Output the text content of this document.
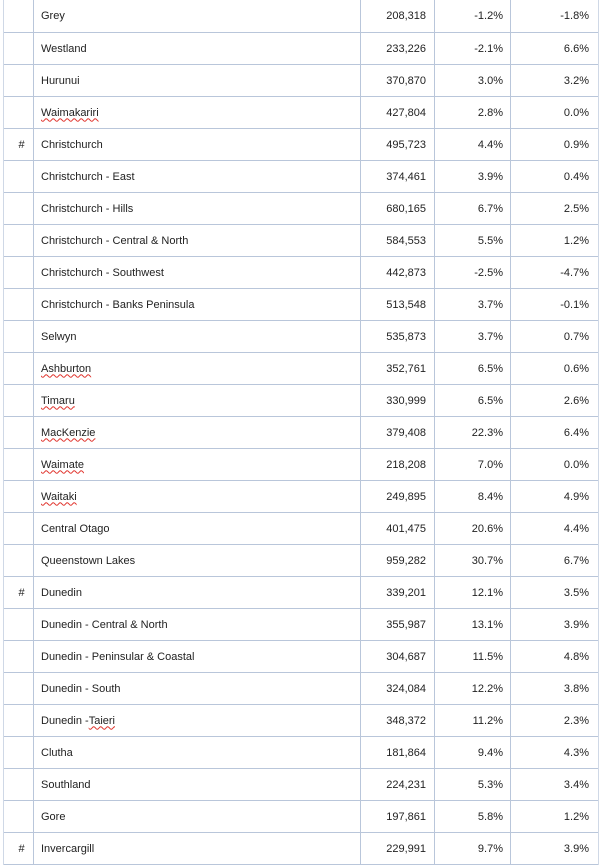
Grey	208,318	-1.2%	-1.8%
Westland	233,226	-2.1%	6.6%
Hurunui	370,870	3.0%	3.2%
Waimakariri	427,804	2.8%	0.0%
#	Christchurch	495,723	4.4%	0.9%
Christchurch - East	374,461	3.9%	0.4%
Christchurch - Hills	680,165	6.7%	2.5%
Christchurch - Central & North	584,553	5.5%	1.2%
Christchurch - Southwest	442,873	-2.5%	-4.7%
Christchurch - Banks Peninsula	513,548	3.7%	-0.1%
Selwyn	535,873	3.7%	0.7%
Ashburton	352,761	6.5%	0.6%
Timaru	330,999	6.5%	2.6%
MacKenzie	379,408	22.3%	6.4%
Waimate	218,208	7.0%	0.0%
Waitaki	249,895	8.4%	4.9%
Central Otago	401,475	20.6%	4.4%
Queenstown Lakes	959,282	30.7%	6.7%
#	Dunedin	339,201	12.1%	3.5%
Dunedin - Central & North	355,987	13.1%	3.9%
Dunedin - Peninsular & Coastal	304,687	11.5%	4.8%
Dunedin - South	324,084	12.2%	3.8%
Dunedin - Taieri	348,372	11.2%	2.3%
Clutha	181,864	9.4%	4.3%
Southland	224,231	5.3%	3.4%
Gore	197,861	5.8%	1.2%
#	Invercargill	229,991	9.7%	3.9%
